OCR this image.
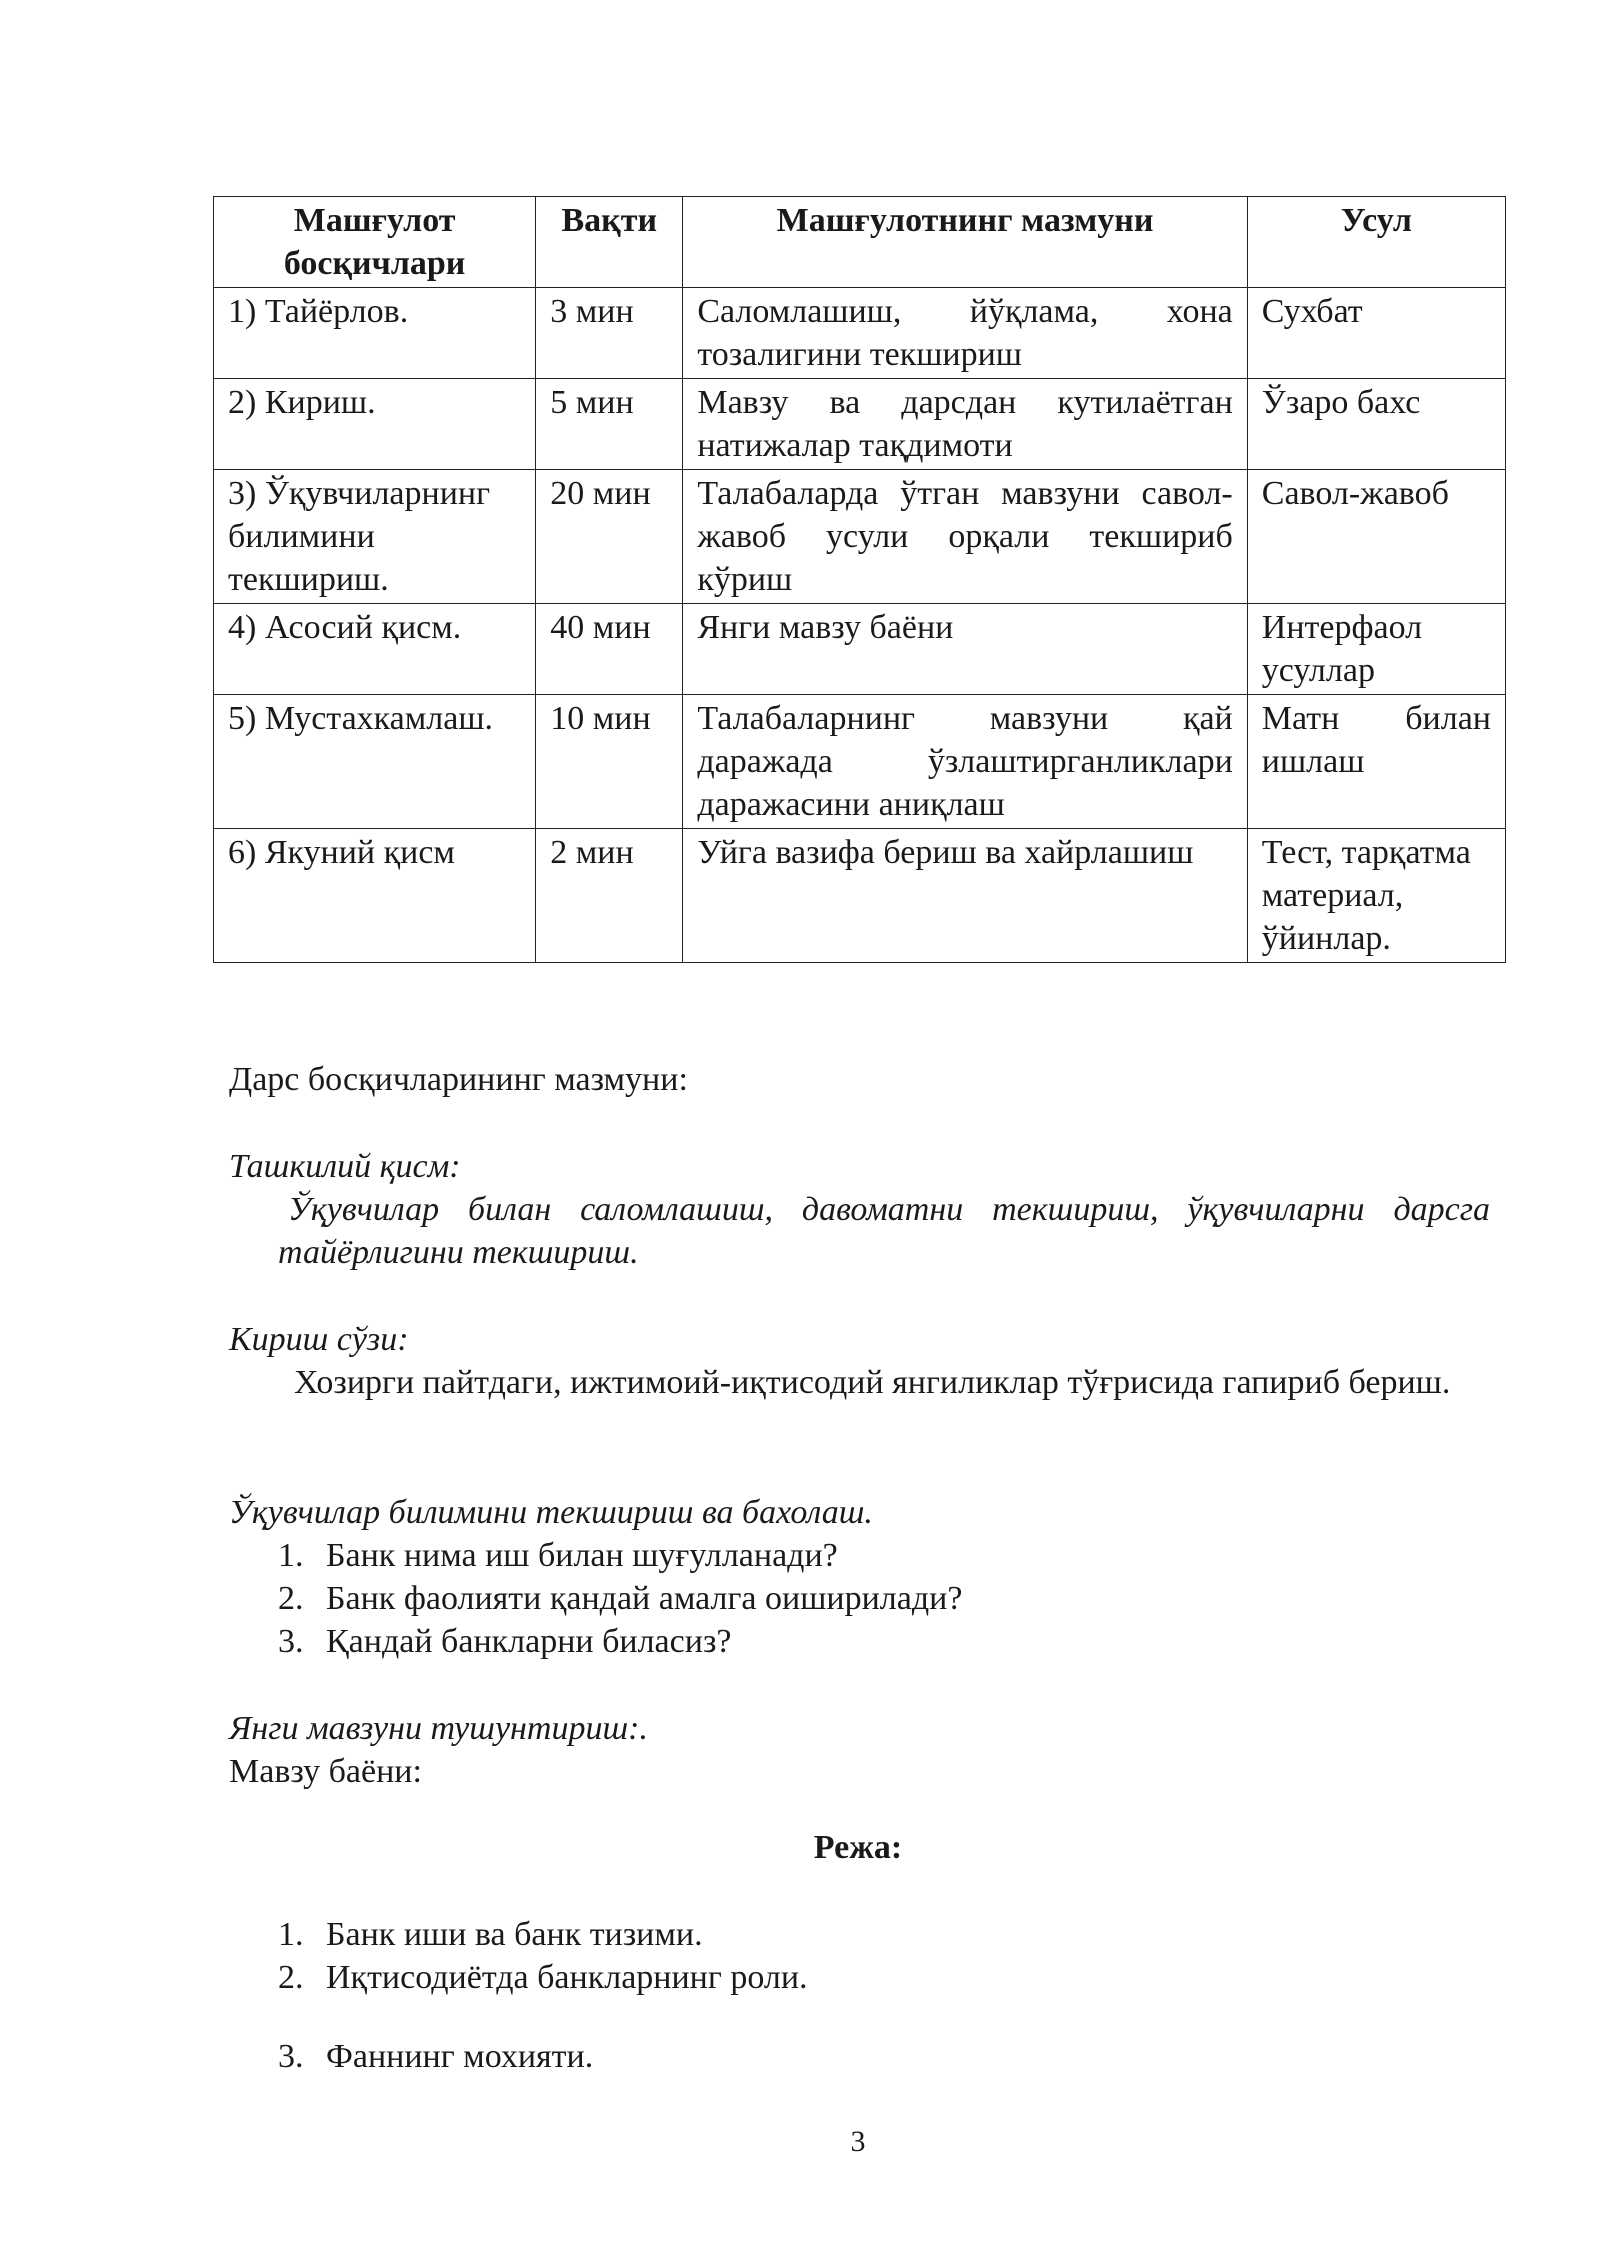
Машғулот босқичлари	Вақти	Машғулотнинг мазмуни	Усул
1) Тайёрлов.	3 мин	Саломлашиш, йўқлама, хона тозалигини текшириш	Сухбат
2) Кириш.	5 мин	Мавзу ва дарсдан кутилаётган натижалар тақдимоти	Ўзаро бахс
3) Ўқувчиларнинг билимини текшириш.	20 мин	Талабаларда ўтган мавзуни савол-жавоб усули орқали текшириб кўриш	Савол-жавоб
4) Асосий қисм.	40 мин	Янги мавзу баёни	Интерфаол усуллар
5) Мустахкамлаш.	10 мин	Талабаларнинг мавзуни қай даражада ўзлаштирганликлари даражасини аниқлаш	Матн билан ишлаш
6) Якуний қисм	2 мин	Уйга вазифа бериш ва хайрлашиш	Тест, тарқатма материал, ўйинлар.
Дарс босқичларининг мазмуни:
Ташкилий қисм:
Ўқувчилар билан саломлашиш, давоматни текшириш, ўқувчиларни дарсга тайёрлигини текшириш.
Кириш сўзи:
Хозирги пайтдаги, ижтимоий-иқтисодий янгиликлар тўғрисида гапириб бериш.
Ўқувчилар билимини текшириш ва бахолаш.
1. Банк нима иш билан шуғулланади?
2. Банк фаолияти қандай амалга оиширилади?
3. Қандай банкларни биласиз?
Янги мавзуни тушунтириш:.
Мавзу баёни:
Режа:
1. Банк иши ва банк тизими.
2. Иқтисодиётда банкларнинг роли.
3. Фаннинг мохияти.
3
